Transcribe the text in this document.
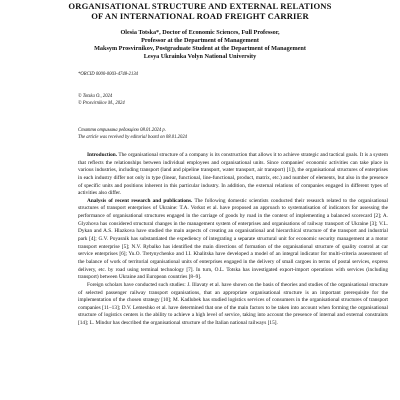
ORGANISATIONAL STRUCTURE AND EXTERNAL RELATIONS
OF AN INTERNATIONAL ROAD FREIGHT CARRIER
Olesia Totska*, Doctor of Economic Sciences, Full Professor,
Professor at the Department of Management
Maksym Prosvirnikov, Postgraduate Student at the Department of Management
Lesya Ukrainka Volyn National University
*ORCID 0000-0003-4748-2134
© Totska O., 2024
© Prosvirnikov M., 2024
Стаття отримана редакцією 08.01.2024 р.
The article was received by editorial board on 08.01.2024

Introduction. The organisational structure of a company is its construction that allows it to achieve strategic and tactical goals. It is a system that reflects the relationships between individual employees and organisational units. Since companies' economic activities can take place in various industries, including transport (land and pipeline transport, water transport, air transport) [1]), the organisational structures of enterprises in each industry differ not only in type (linear, functional, line-functional, product, matrix, etc.) and number of elements, but also in the presence of specific units and positions inherent in this particular industry. In addition, the external relations of companies engaged in different types of activities also differ.

Analysis of recent research and publications. The following domestic scientists conducted their research related to the organisational structures of transport enterprises of Ukraine: T.A. Vorkut et al. have proposed an approach to systematisation of indicators for assessing the performance of organisational structures engaged in the carriage of goods by road in the context of implementing a balanced scorecard [2]; A. Glyzhova has considered structural changes in the management system of enterprises and organisations of railway transport of Ukraine [3]; V.L. Dykan and A.S. Hlazkova have studied the main aspects of creating an organisational and hierarchical structure of the transport and industrial park [4]; G.V. Poyasnik has substantiated the expediency of integrating a separate structural unit for economic security management at a motor transport enterprise [5]; N.V. Rybalko has identified the main directions of formation of the organisational structure of quality control at car service enterprises [6]; Yu.O. Tretynychenko and I.I. Khalitska have developed a model of an integral indicator for multi-criteria assessment of the balance of work of territorial organisational units of enterprises engaged in the delivery of small cargoes in terms of postal services, express delivery, etc. by road using terminal technology [7]. In turn, O.L. Totska has investigated export-import operations with services (including transport) between Ukraine and European countries [8–9].

Foreign scholars have conducted such studies: J. Illavaty et al. have shown on the basis of theories and studies of the organisational structure of selected passenger railway transport organisations, that an appropriate organisational structure is an important prerequisite for the implementation of the chosen strategy [10]; M. Kadlubek has studied logistics services of consumers in the organisational structures of transport companies [11–13]; D.V. Lemeshko et al. have determined that one of the main factors to be taken into account when forming the organisational structure of logistics centers is the ability to achieve a high level of service, taking into account the presence of internal and external constraints [14]; L. Mindur has described the organisational structure of the Italian national railways [15].
